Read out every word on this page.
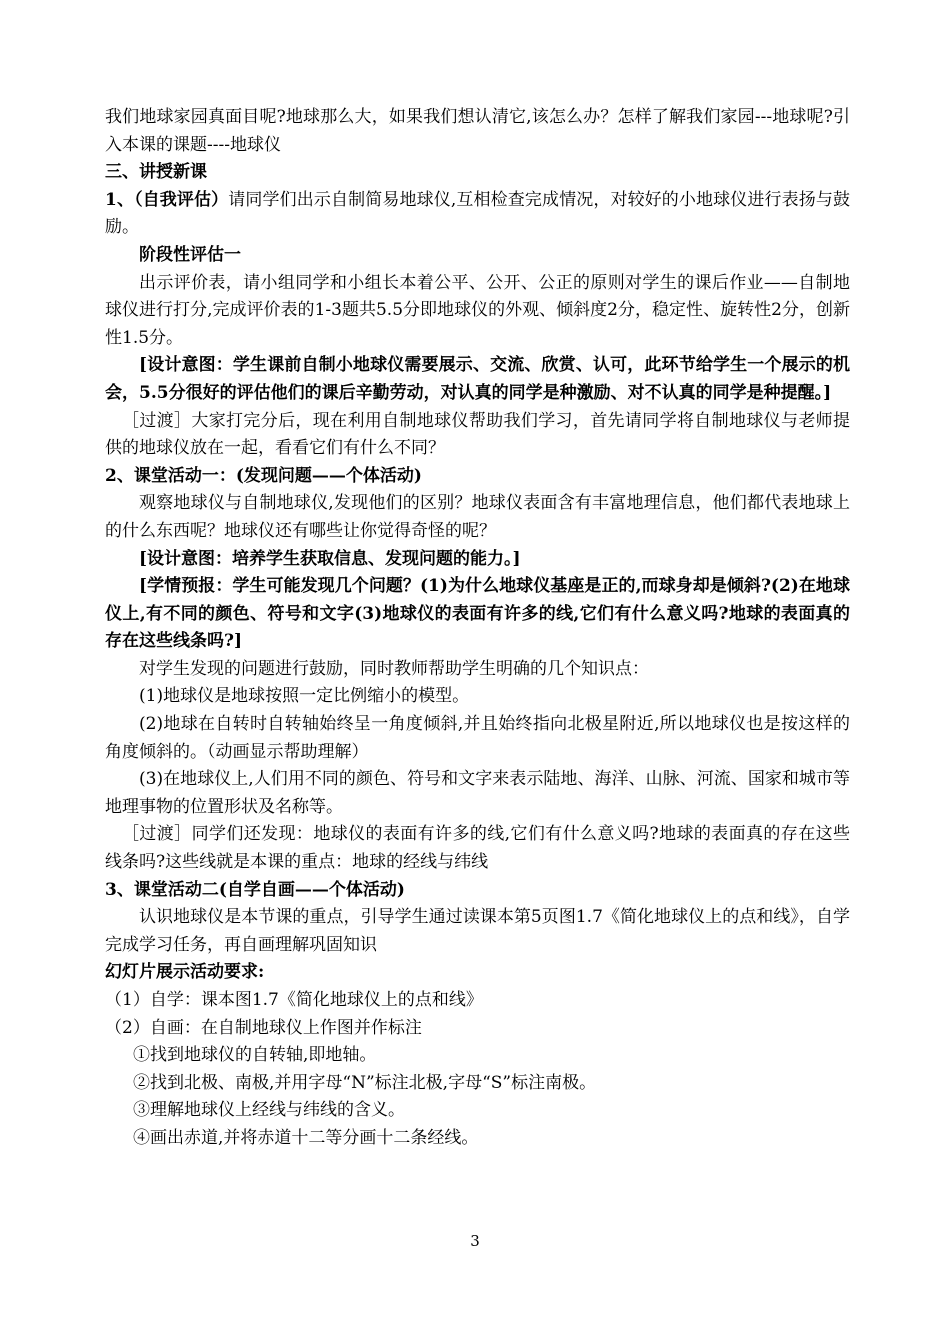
我们地球家园真面目呢?地球那么大，如果我们想认清它,该怎么办？怎样了解我们家园---地球呢?引入本课的课题----地球仪

三、讲授新课

1、（自我评估）请同学们出示自制简易地球仪,互相检查完成情况，对较好的小地球仪进行表扬与鼓励。

阶段性评估一

出示评价表，请小组同学和小组长本着公平、公开、公正的原则对学生的课后作业——自制地球仪进行打分,完成评价表的1-3题共5.5分即地球仪的外观、倾斜度2分，稳定性、旋转性2分，创新性1.5分。

[设计意图：学生课前自制小地球仪需要展示、交流、欣赏、认可，此环节给学生一个展示的机会，5.5分很好的评估他们的课后辛勤劳动，对认真的同学是种激励、对不认真的同学是种提醒。]

［过渡］大家打完分后，现在利用自制地球仪帮助我们学习，首先请同学将自制地球仪与老师提供的地球仪放在一起，看看它们有什么不同？

2、课堂活动一：(发现问题——个体活动)

观察地球仪与自制地球仪,发现他们的区别？地球仪表面含有丰富地理信息，他们都代表地球上的什么东西呢？地球仪还有哪些让你觉得奇怪的呢？

[设计意图：培养学生获取信息、发现问题的能力。]

[学情预报：学生可能发现几个问题？(1)为什么地球仪基座是正的,而球身却是倾斜?(2)在地球仪上,有不同的颜色、符号和文字(3)地球仪的表面有许多的线,它们有什么意义吗?地球的表面真的存在这些线条吗?]

对学生发现的问题进行鼓励，同时教师帮助学生明确的几个知识点：

(1)地球仪是地球按照一定比例缩小的模型。

(2)地球在自转时自转轴始终呈一角度倾斜,并且始终指向北极星附近,所以地球仪也是按这样的角度倾斜的。（动画显示帮助理解）

(3)在地球仪上,人们用不同的颜色、符号和文字来表示陆地、海洋、山脉、河流、国家和城市等地理事物的位置形状及名称等。

［过渡］同学们还发现：地球仪的表面有许多的线,它们有什么意义吗?地球的表面真的存在这些线条吗?这些线就是本课的重点：地球的经线与纬线

3、课堂活动二(自学自画——个体活动)

认识地球仪是本节课的重点，引导学生通过读课本第5页图1.7《简化地球仪上的点和线》，自学完成学习任务，再自画理解巩固知识

幻灯片展示活动要求:

（1）自学：课本图1.7《简化地球仪上的点和线》

（2）自画：在自制地球仪上作图并作标注

①找到地球仪的自转轴,即地轴。

②找到北极、南极,并用字母“N”标注北极,字母“S”标注南极。

③理解地球仪上经线与纬线的含义。

④画出赤道,并将赤道十二等分画十二条经线。

3
